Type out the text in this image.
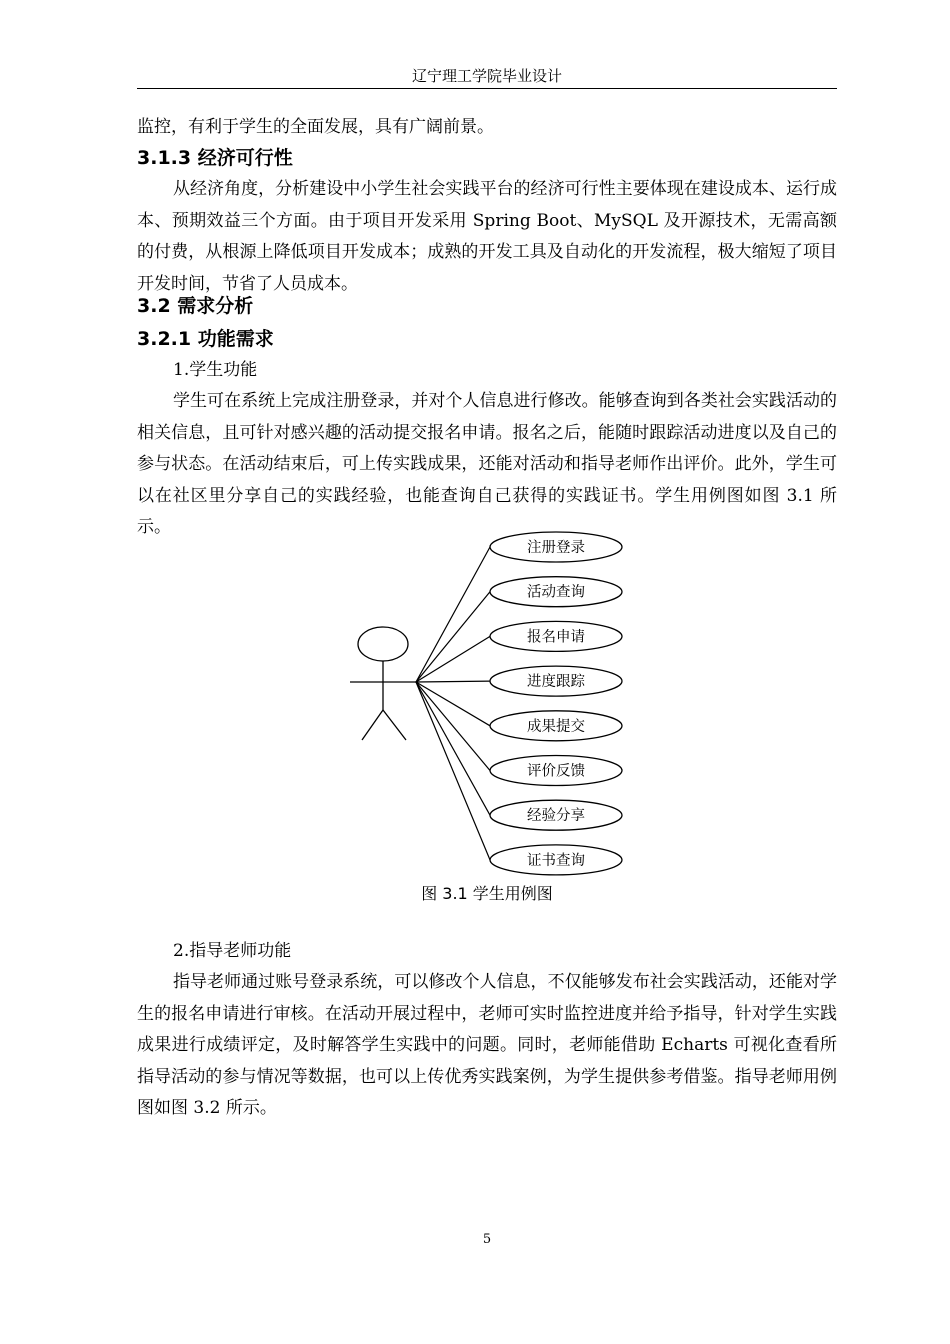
辽宁理工学院毕业设计

监控，有利于学生的全面发展，具有广阔前景。

3.1.3 经济可行性

从经济角度，分析建设中小学生社会实践平台的经济可行性主要体现在建设成本、运行成本、预期效益三个方面。由于项目开发采用 Spring Boot、MySQL 及开源技术，无需高额的付费，从根源上降低项目开发成本；成熟的开发工具及自动化的开发流程，极大缩短了项目开发时间，节省了人员成本。

3.2 需求分析
3.2.1 功能需求

1.学生功能

学生可在系统上完成注册登录，并对个人信息进行修改。能够查询到各类社会实践活动的相关信息，且可针对感兴趣的活动提交报名申请。报名之后，能随时跟踪活动进度以及自己的参与状态。在活动结束后，可上传实践成果，还能对活动和指导老师作出评价。此外，学生可以在社区里分享自己的实践经验，也能查询自己获得的实践证书。学生用例图如图 3.1 所示。

注册登录
活动查询
报名申请
进度跟踪
成果提交
评价反馈
经验分享
证书查询
图 3.1 学生用例图

2.指导老师功能

指导老师通过账号登录系统，可以修改个人信息，不仅能够发布社会实践活动，还能对学生的报名申请进行审核。在活动开展过程中，老师可实时监控进度并给予指导，针对学生实践成果进行成绩评定，及时解答学生实践中的问题。同时，老师能借助 Echarts 可视化查看所指导活动的参与情况等数据，也可以上传优秀实践案例，为学生提供参考借鉴。指导老师用例图如图 3.2 所示。

5
